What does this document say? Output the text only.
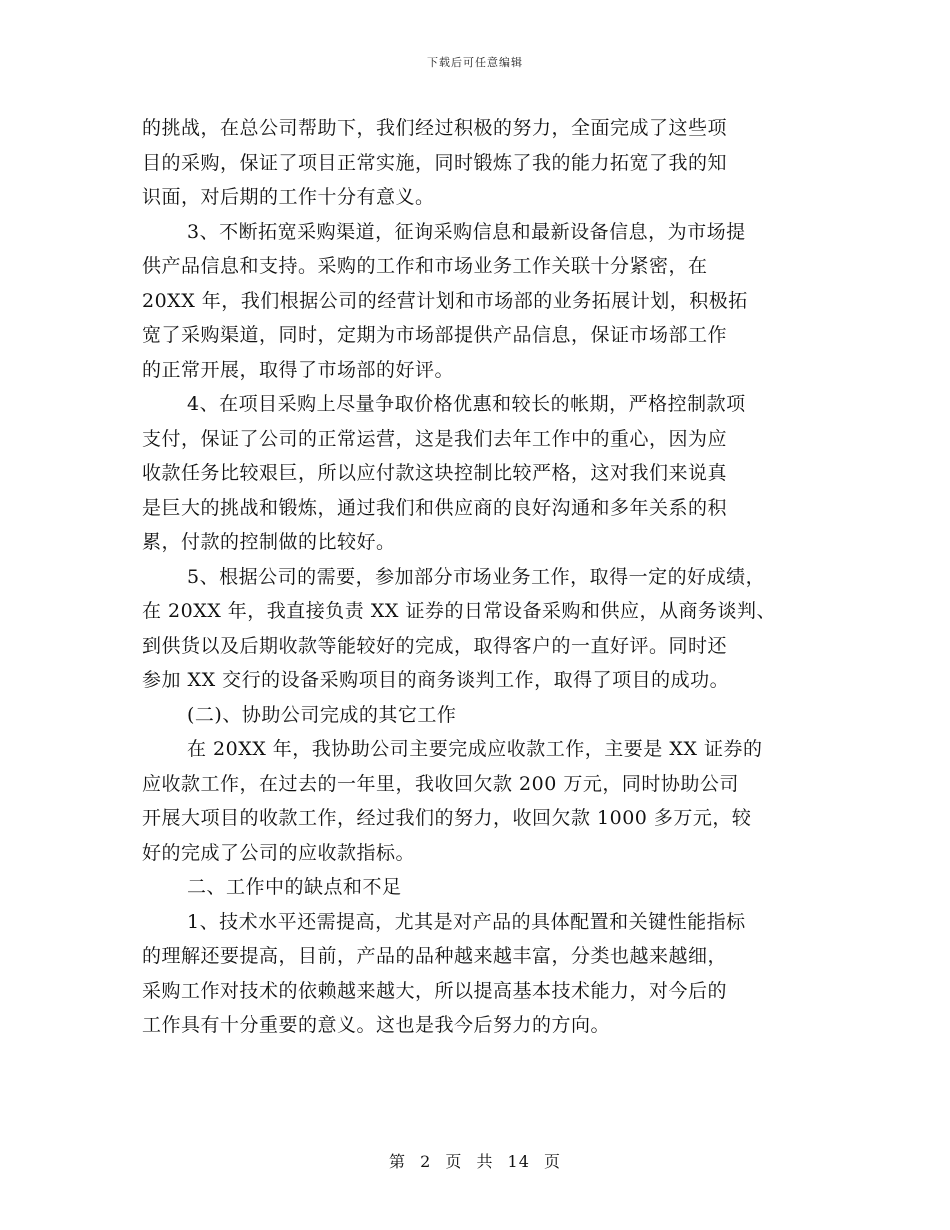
下载后可任意编辑
的挑战，在总公司帮助下，我们经过积极的努力，全面完成了这些项
目的采购，保证了项目正常实施，同时锻炼了我的能力拓宽了我的知
识面，对后期的工作十分有意义。
3、不断拓宽采购渠道，征询采购信息和最新设备信息，为市场提
供产品信息和支持。采购的工作和市场业务工作关联十分紧密，在
20XX 年，我们根据公司的经营计划和市场部的业务拓展计划，积极拓
宽了采购渠道，同时，定期为市场部提供产品信息，保证市场部工作
的正常开展，取得了市场部的好评。
4、在项目采购上尽量争取价格优惠和较长的帐期，严格控制款项
支付，保证了公司的正常运营，这是我们去年工作中的重心，因为应
收款任务比较艰巨，所以应付款这块控制比较严格，这对我们来说真
是巨大的挑战和锻炼，通过我们和供应商的良好沟通和多年关系的积
累，付款的控制做的比较好。
5、根据公司的需要，参加部分市场业务工作，取得一定的好成绩，
在 20XX 年，我直接负责 XX 证券的日常设备采购和供应，从商务谈判、
到供货以及后期收款等能较好的完成，取得客户的一直好评。同时还
参加 XX 交行的设备采购项目的商务谈判工作，取得了项目的成功。
(二)、协助公司完成的其它工作
在 20XX 年，我协助公司主要完成应收款工作，主要是 XX 证券的
应收款工作，在过去的一年里，我收回欠款 200 万元，同时协助公司
开展大项目的收款工作，经过我们的努力，收回欠款 1000 多万元，较
好的完成了公司的应收款指标。
二、工作中的缺点和不足
1、技术水平还需提高，尤其是对产品的具体配置和关键性能指标
的理解还要提高，目前，产品的品种越来越丰富，分类也越来越细，
采购工作对技术的依赖越来越大，所以提高基本技术能力，对今后的
工作具有十分重要的意义。这也是我今后努力的方向。
第 2 页 共 14 页
